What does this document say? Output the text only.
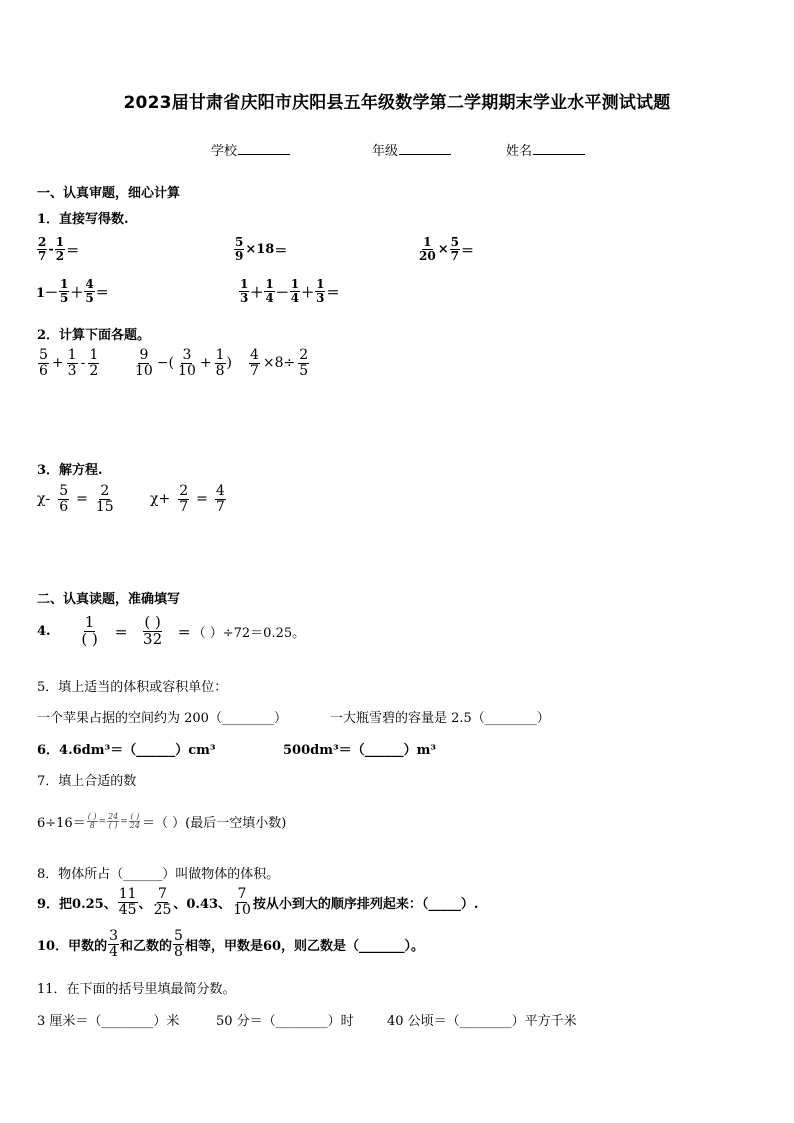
2023届甘肃省庆阳市庆阳县五年级数学第二学期期末学业水平测试试题
学校	年级	姓名
一、认真审题，细心计算
1．直接写得数.
$\frac{2}{7} - \frac{1}{2}$ ＝	$\frac{5}{9} \times 18$ ＝	$\frac{1}{20} \times \frac{5}{7}$ ＝
$1- \frac{1}{5} + \frac{4}{5}$ ＝	$\frac{1}{3} + \frac{1}{4} - \frac{1}{4} + \frac{1}{3}$ ＝
2．计算下面各题。
$\frac{5}{6} + \frac{1}{3} - \frac{1}{2} \frac{9}{10}$ −( $\frac{3}{10} + \frac{1}{8}$ ) $\frac{4}{7} \times 8\div \frac{2}{5}$
3．解方程.
$\chi- \frac{5}{6} = \frac{2}{15}$	$\chi+ \frac{2}{7} = \frac{4}{7}$
二、认真读题，准确填写
4. $\frac{1}{( )} = \frac{( )}{32}$ ＝ （ ）÷72＝0.25。
5．填上适当的体积或容积单位：
一个苹果占据的空间约为 200（________）	一大瓶雪碧的容量是 2.5（________）
6．4.6dm³＝（______）cm³	500dm³＝（______）m³
7．填上合适的数
$6\div 16= \frac{( )}{8} = \frac{24}{( )} = \frac{( )}{24}$ ＝（ ）(最后一空填小数)
8．物体所占（______）叫做物体的体积。
9．把0.25、 $\frac{11}{45}$ 、 $\frac{7}{25}$ 、0.43、 $\frac{7}{10}$ 按从小到大的顺序排列起来：（_____）.
10．甲数的 $\frac{3}{4}$ 和乙数的 $\frac{5}{8}$ 相等，甲数是60，则乙数是（_______）。
11．在下面的括号里填最简分数。
3 厘米＝（________）米	50 分＝（________）时	40 公顷＝（________）平方千米
